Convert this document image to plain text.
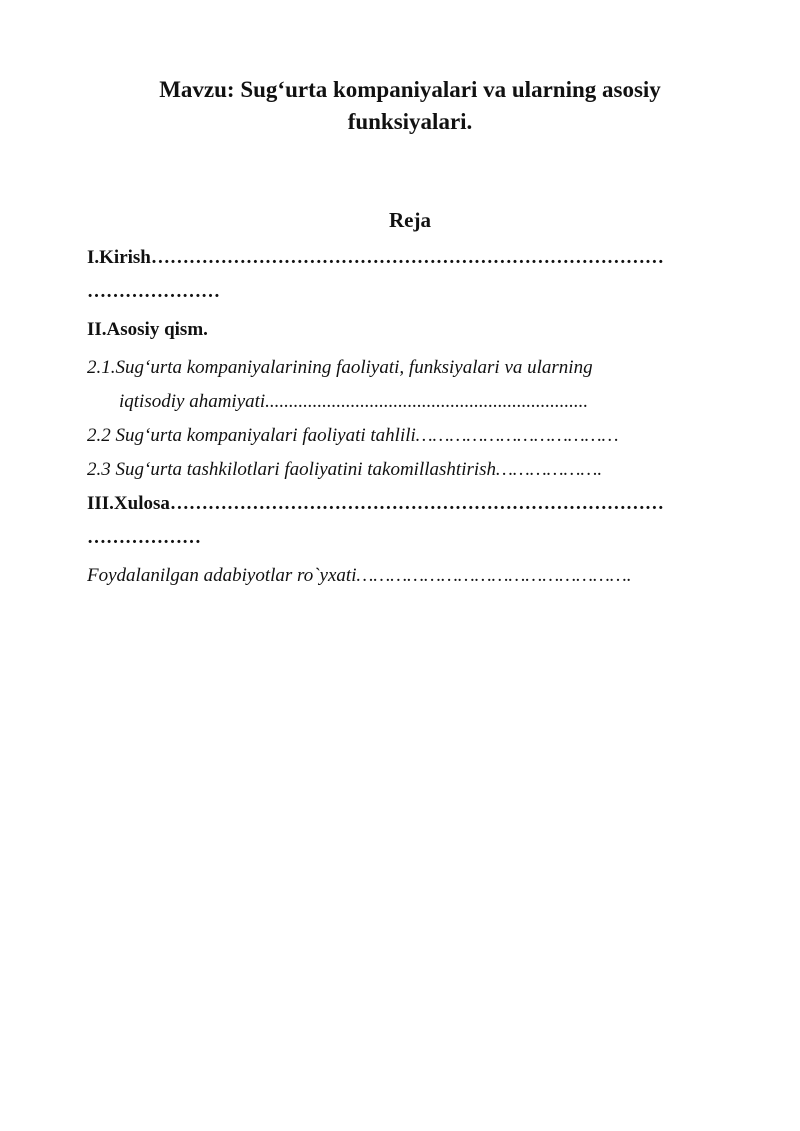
Mavzu: Sug‘urta kompaniyalari va ularning asosiy
funksiyalari.
Reja
I.Kirish………………………………………………………………………
…………………
II.Asosiy qism.
2.1.Sug‘urta kompaniyalarining faoliyati, funksiyalari va ularning
iqtisodiy ahamiyati....................................................................
2.2 Sug‘urta kompaniyalari faoliyati tahlili………………………………
2.3 Sug‘urta tashkilotlari faoliyatini takomillashtirish……………….
III.Xulosa……………………………………………………………………
………………
Foydalanilgan adabiyotlar ro`yxati………………………………………….
